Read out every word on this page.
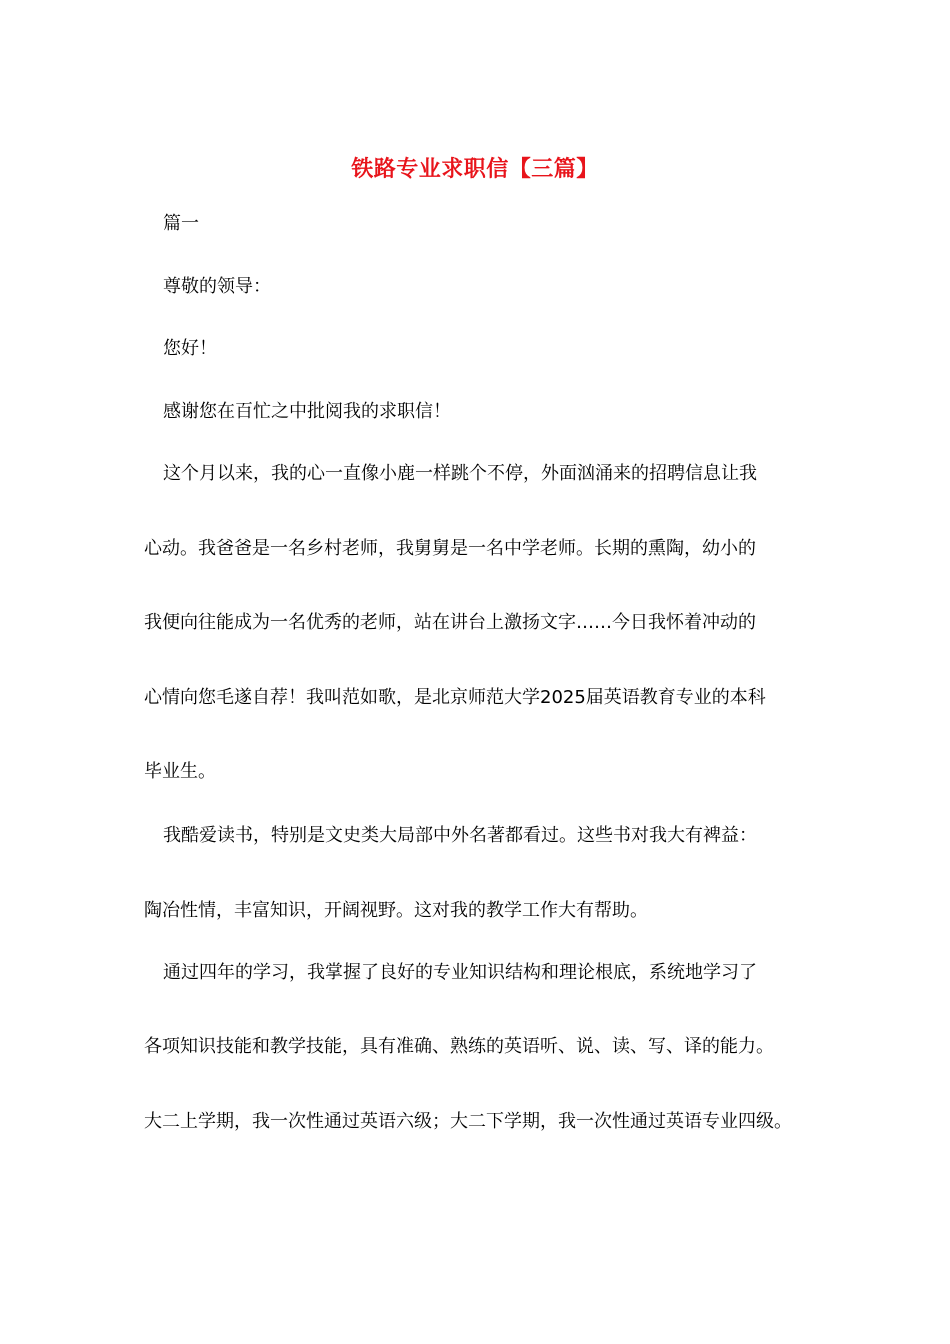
铁路专业求职信【三篇】
篇一
尊敬的领导：
您好！
感谢您在百忙之中批阅我的求职信！
这个月以来，我的心一直像小鹿一样跳个不停，外面汹涌来的招聘信息让我
心动。我爸爸是一名乡村老师，我舅舅是一名中学老师。长期的熏陶，幼小的
我便向往能成为一名优秀的老师，站在讲台上激扬文字……今日我怀着冲动的
心情向您毛遂自荐！我叫范如歌，是北京师范大学2025届英语教育专业的本科
毕业生。
我酷爱读书，特别是文史类大局部中外名著都看过。这些书对我大有裨益：
陶冶性情，丰富知识，开阔视野。这对我的教学工作大有帮助。
通过四年的学习，我掌握了良好的专业知识结构和理论根底，系统地学习了
各项知识技能和教学技能，具有准确、熟练的英语听、说、读、写、译的能力。
大二上学期，我一次性通过英语六级；大二下学期，我一次性通过英语专业四级。
